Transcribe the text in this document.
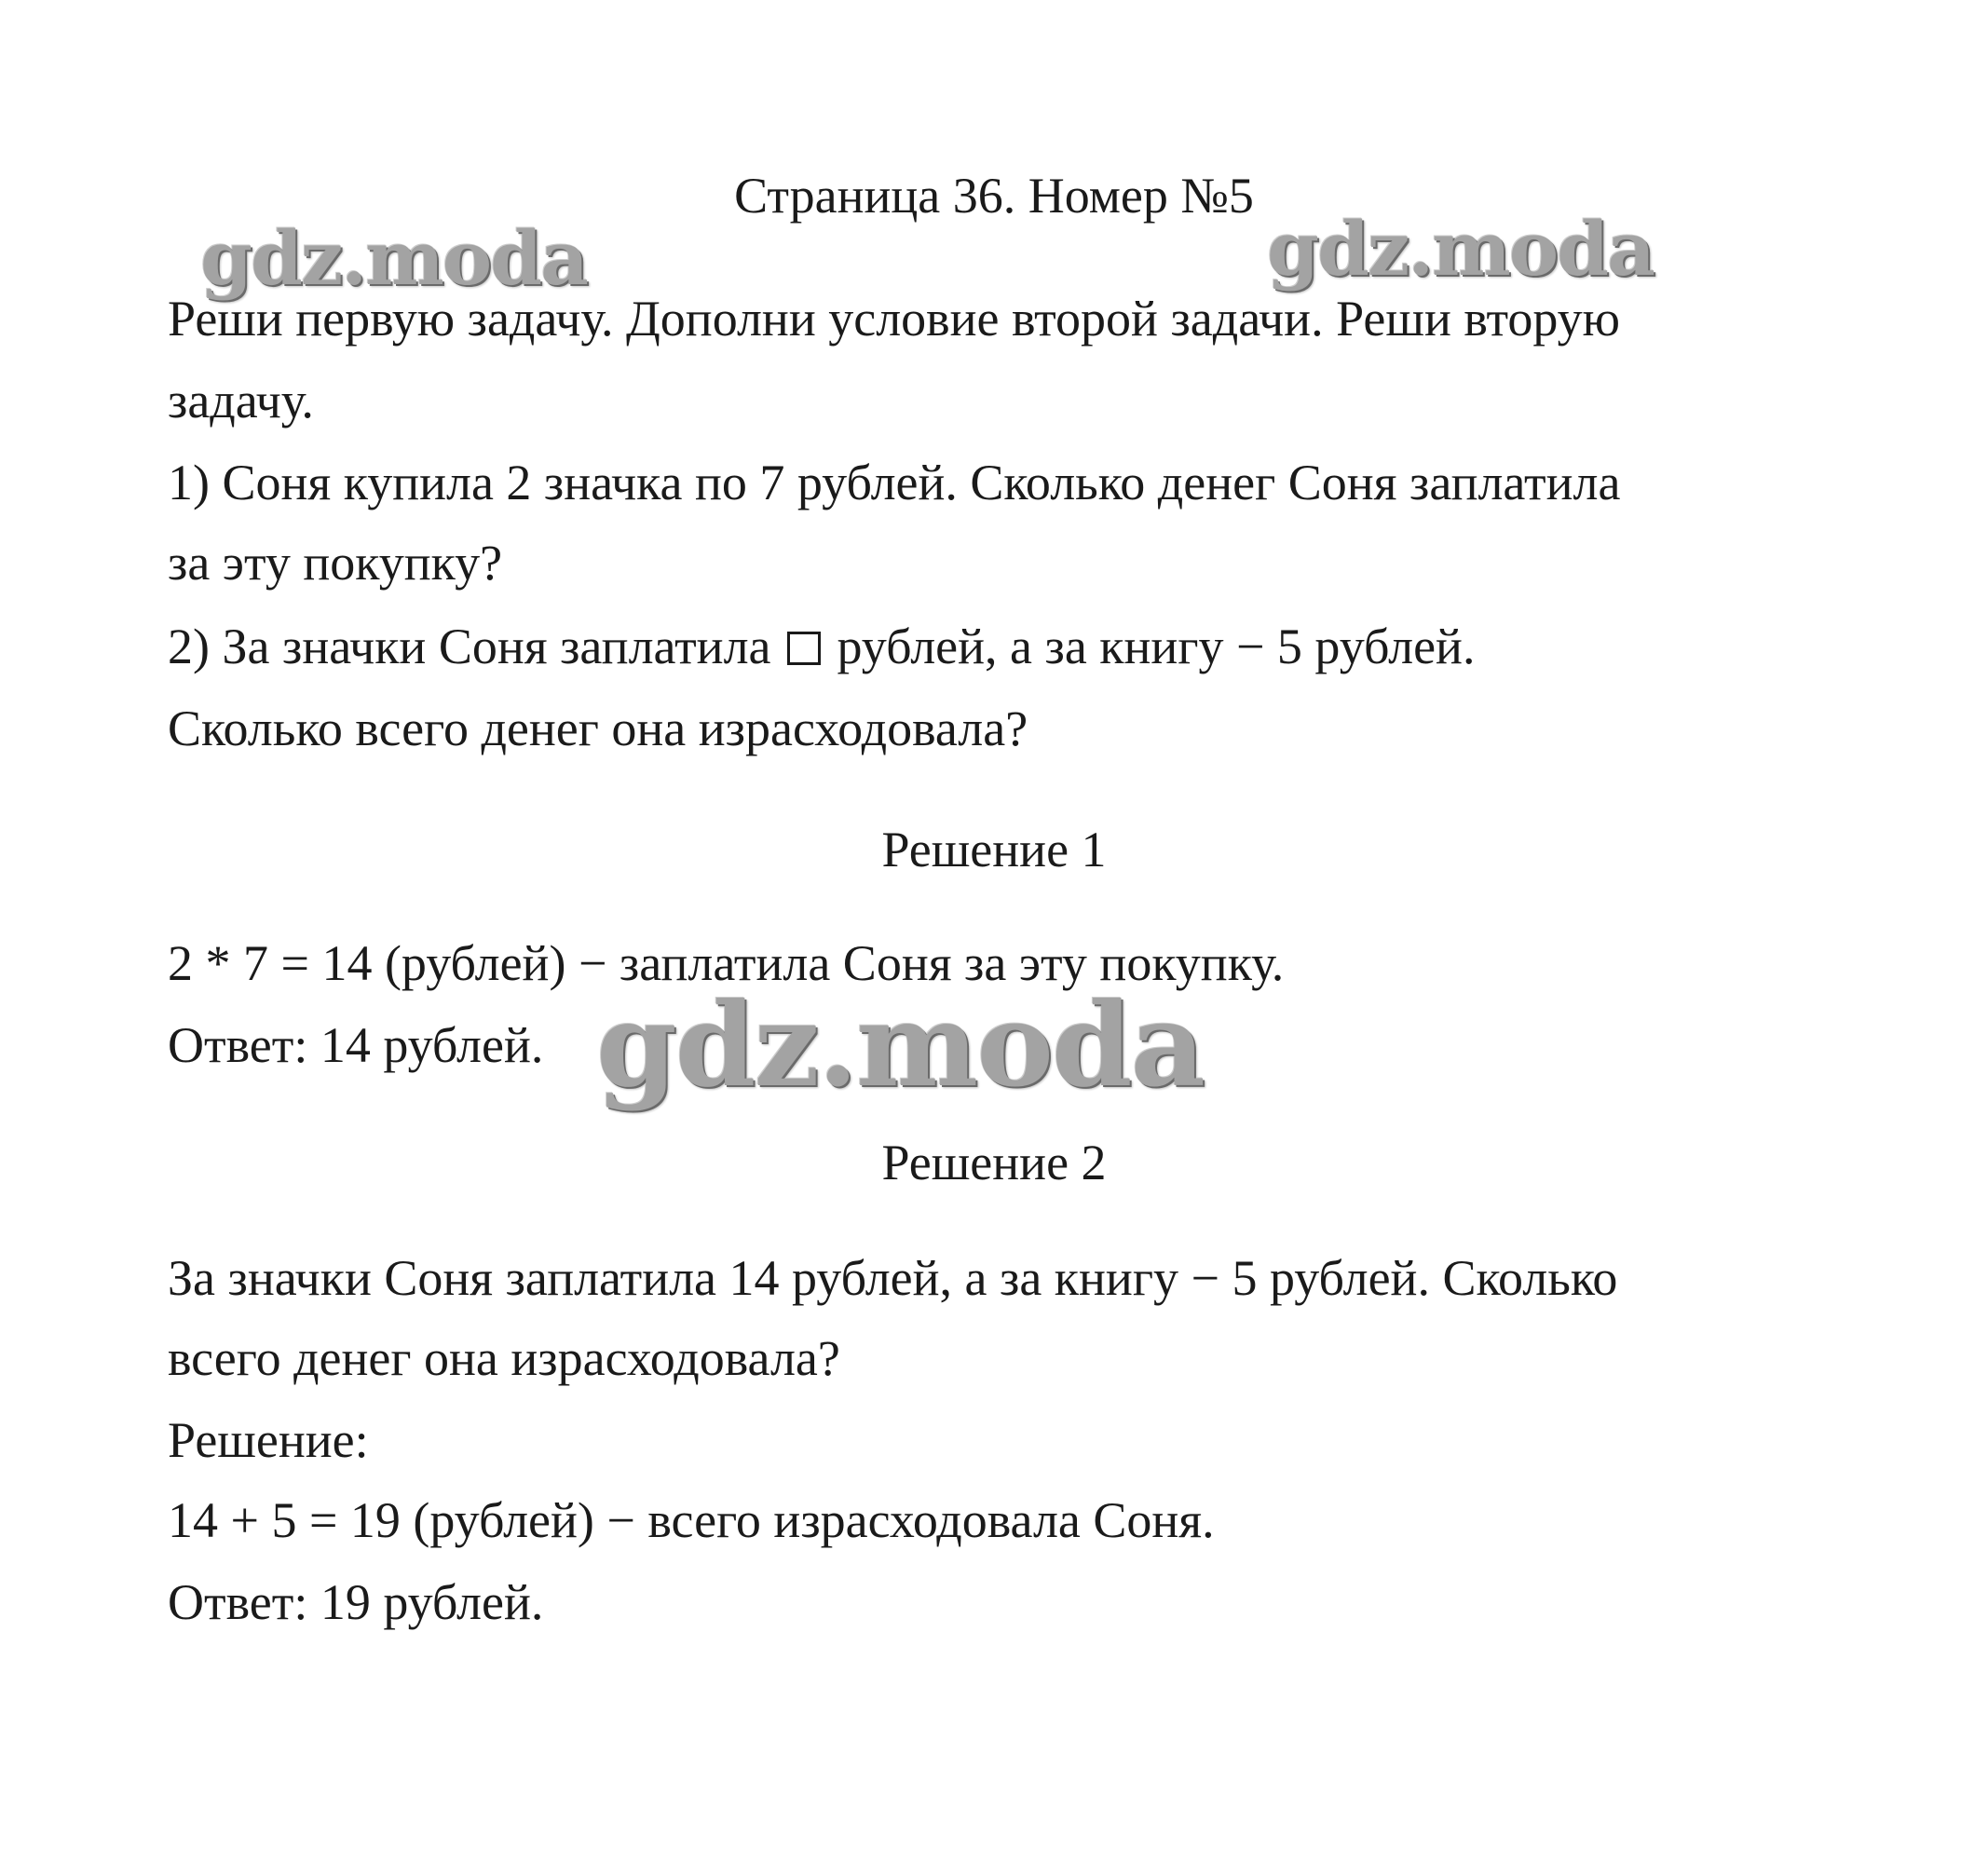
Страница 36. Номер №5
Реши первую задачу. Дополни условие второй задачи. Реши вторую
задачу.
1) Соня купила 2 значка по 7 рублей. Сколько денег Соня заплатила
за эту покупку?
2) За значки Соня заплатила рублей, а за книгу − 5 рублей.
Сколько всего денег она израсходовала?
Решение 1
2 * 7 = 14 (рублей) − заплатила Соня за эту покупку.
Ответ: 14 рублей.
Решение 2
За значки Соня заплатила 14 рублей, а за книгу − 5 рублей. Сколько
всего денег она израсходовала?
Решение:
14 + 5 = 19 (рублей) − всего израсходовала Соня.
Ответ: 19 рублей.
gdz.moda	gdz.moda
gdz.moda
